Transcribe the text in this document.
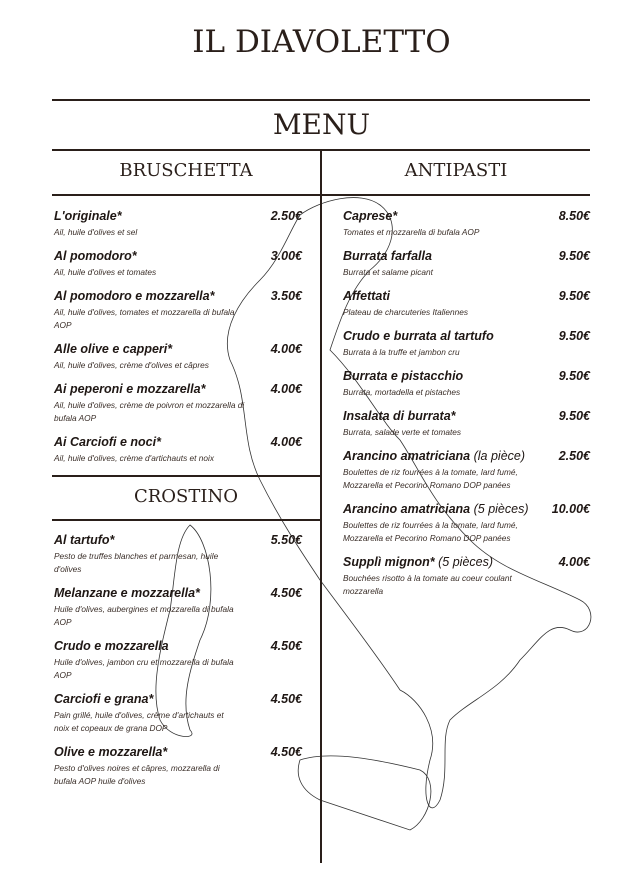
IL DIAVOLETTO
MENU
BRUSCHETTA	ANTIPASTI
CROSTINO
L'originale*	2.50€
Ail, huile d'olives et sel
Al pomodoro*	3.00€
Ail, huile d'olives et tomates
Al pomodoro e mozzarella*	3.50€
Ail, huile d'olives, tomates et mozzarella di bufala AOP
Alle olive e capperi*	4.00€
Ail, huile d'olives, crème d'olives et câpres
Ai peperoni e mozzarella*	4.00€
Ail, huile d'olives, crème de poivron et mozzarella di bufala AOP
Ai Carciofi e noci*	4.00€
Ail, huile d'olives, crème d'artichauts et noix
Al tartufo*	5.50€
Pesto de truffes blanches et parmesan, huile d'olives
Melanzane e mozzarella*	4.50€
Huile d'olives, aubergines et mozzarella di bufala AOP
Crudo e mozzarella	4.50€
Huile d'olives, jambon cru et mozzarella di bufala AOP
Carciofi e grana*	4.50€
Pain grillé, huile d'olives, crème d'artichauts et noix et copeaux de grana DOP
Olive e mozzarella*	4.50€
Pesto d'olives noires et câpres, mozzarella di bufala AOP huile d'olives
Caprese*	8.50€
Tomates et mozzarella di bufala AOP
Burrata farfalla	9.50€
Burrata et salame picant
Affettati	9.50€
Plateau de charcuteries Italiennes
Crudo e burrata al tartufo	9.50€
Burrata à la truffe et jambon cru
Burrata e pistacchio	9.50€
Burrata, mortadella et pistaches
Insalata di burrata*	9.50€
Burrata, salade verte et tomates
Arancino amatriciana (la pièce)	2.50€
Boulettes de riz fourrées à la tomate, lard fumé, Mozzarella et Pecorino Romano DOP panées
Arancino amatriciana (5 pièces)	10.00€
Boulettes de riz fourrées à la tomate, lard fumé, Mozzarella et Pecorino Romano DOP panées
Supplì mignon* (5 pièces)	4.00€
Bouchées risotto à la tomate au coeur coulant mozzarella
